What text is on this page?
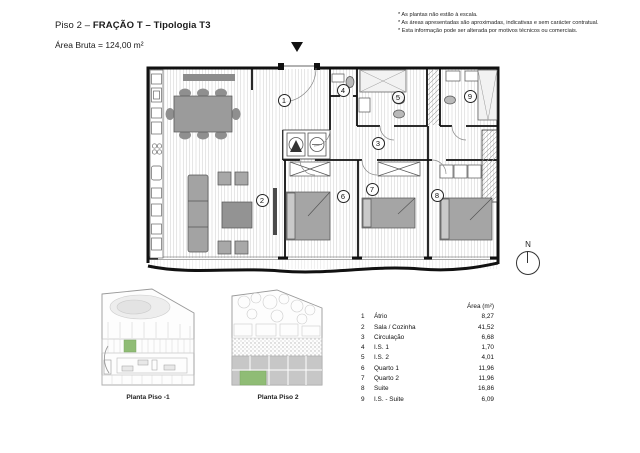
Piso 2 – FRAÇÃO T – Tipologia T3
Área Bruta = 124,00 m²
* As plantas não estão à escala.
* As áreas apresentadas são aproximadas, indicativas e sem carácter contratual.
* Esta informação pode ser alterada por motivos técnicos ou comerciais.
1
2
3
4
5
6
7
8
9
N
Planta Piso -1	Planta Piso 2
Área (m²)
1	Átrio	8,27
2	Sala / Cozinha	41,52
3	Circulação	6,68
4	I.S. 1	1,70
5	I.S. 2	4,01
6	Quarto 1	11,96
7	Quarto 2	11,96
8	Suite	16,86
9	I.S. - Suite	6,09
